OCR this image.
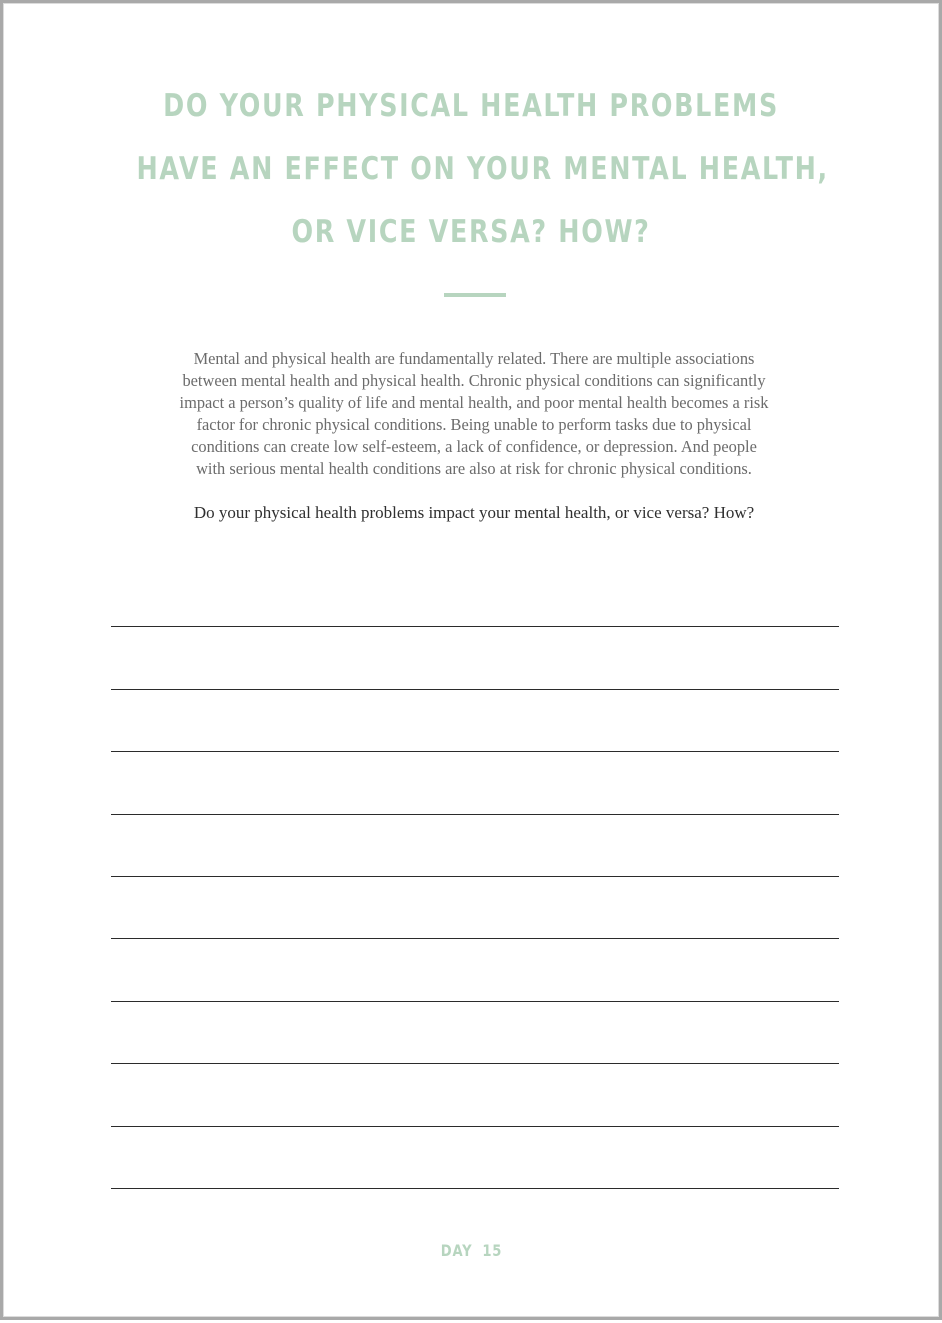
DO YOUR PHYSICAL HEALTH PROBLEMS
HAVE AN EFFECT ON YOUR MENTAL HEALTH,
OR VICE VERSA? HOW?

Mental and physical health are fundamentally related. There are multiple associations
between mental health and physical health. Chronic physical conditions can significantly
impact a person’s quality of life and mental health, and poor mental health becomes a risk
factor for chronic physical conditions. Being unable to perform tasks due to physical
conditions can create low self-esteem, a lack of confidence, or depression. And people
with serious mental health conditions are also at risk for chronic physical conditions.

Do your physical health problems impact your mental health, or vice versa? How?

DAY 15
